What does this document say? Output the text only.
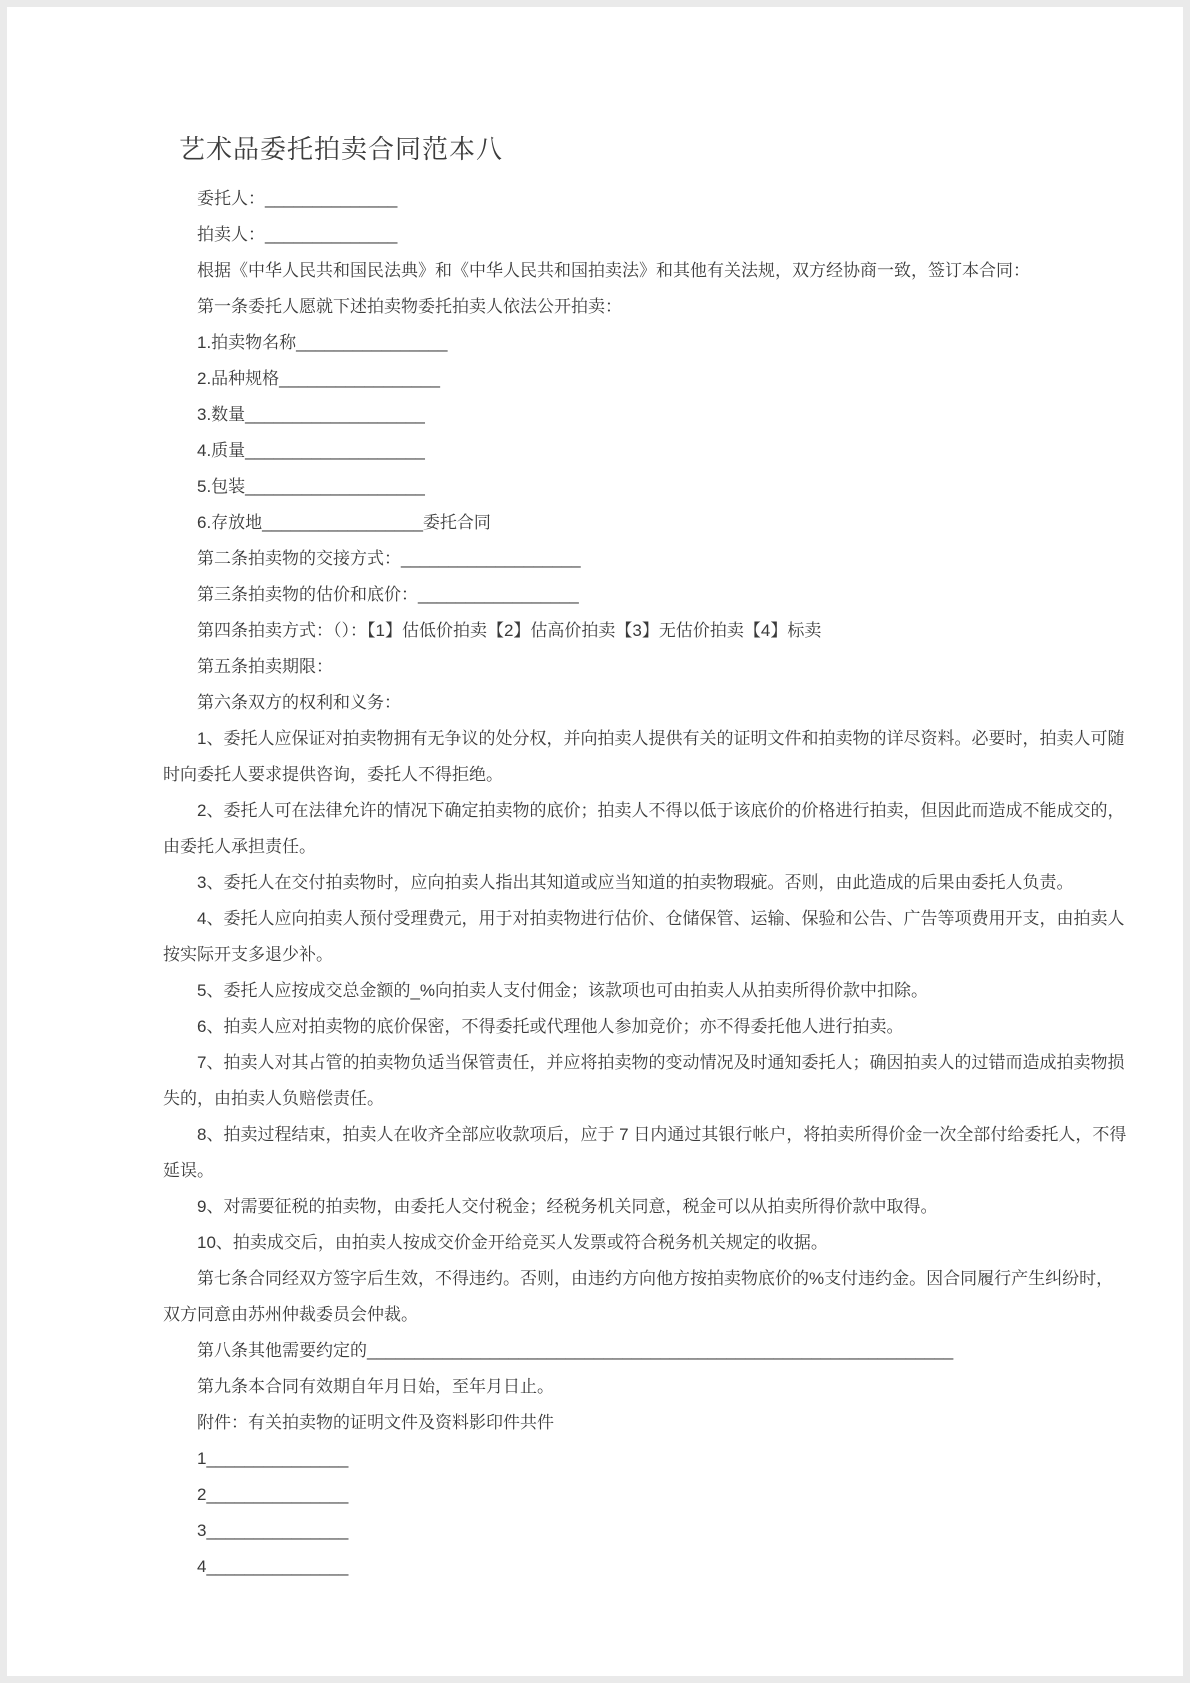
艺术品委托拍卖合同范本八

委托人：______________

拍卖人：______________

根据《中华人民共和国民法典》和《中华人民共和国拍卖法》和其他有关法规，双方经协商一致，签订本合同：

第一条委托人愿就下述拍卖物委托拍卖人依法公开拍卖：

1.拍卖物名称________________

2.品种规格_________________

3.数量___________________

4.质量___________________

5.包装___________________

6.存放地_________________委托合同

第二条拍卖物的交接方式：___________________

第三条拍卖物的估价和底价：_________________

第四条拍卖方式：（）：【1】估低价拍卖【2】估高价拍卖【3】无估价拍卖【4】标卖

第五条拍卖期限：

第六条双方的权利和义务：

1、委托人应保证对拍卖物拥有无争议的处分权，并向拍卖人提供有关的证明文件和拍卖物的详尽资料。必要时，拍卖人可随时向委托人要求提供咨询，委托人不得拒绝。

2、委托人可在法律允许的情况下确定拍卖物的底价；拍卖人不得以低于该底价的价格进行拍卖，但因此而造成不能成交的，由委托人承担责任。

3、委托人在交付拍卖物时，应向拍卖人指出其知道或应当知道的拍卖物瑕疵。否则，由此造成的后果由委托人负责。

4、委托人应向拍卖人预付受理费元，用于对拍卖物进行估价、仓储保管、运输、保验和公告、广告等项费用开支，由拍卖人按实际开支多退少补。

5、委托人应按成交总金额的_%向拍卖人支付佣金；该款项也可由拍卖人从拍卖所得价款中扣除。

6、拍卖人应对拍卖物的底价保密，不得委托或代理他人参加竞价；亦不得委托他人进行拍卖。

7、拍卖人对其占管的拍卖物负适当保管责任，并应将拍卖物的变动情况及时通知委托人；确因拍卖人的过错而造成拍卖物损失的，由拍卖人负赔偿责任。

8、拍卖过程结束，拍卖人在收齐全部应收款项后，应于 7 日内通过其银行帐户，将拍卖所得价金一次全部付给委托人，不得延误。

9、对需要征税的拍卖物，由委托人交付税金；经税务机关同意，税金可以从拍卖所得价款中取得。

10、拍卖成交后，由拍卖人按成交价金开给竞买人发票或符合税务机关规定的收据。

第七条合同经双方签字后生效，不得违约。否则，由违约方向他方按拍卖物底价的%支付违约金。因合同履行产生纠纷时，双方同意由苏州仲裁委员会仲裁。

第八条其他需要约定的______________________________________________________________

第九条本合同有效期自年月日始，至年月日止。

附件：有关拍卖物的证明文件及资料影印件共件

1_______________

2_______________

3_______________

4_______________
